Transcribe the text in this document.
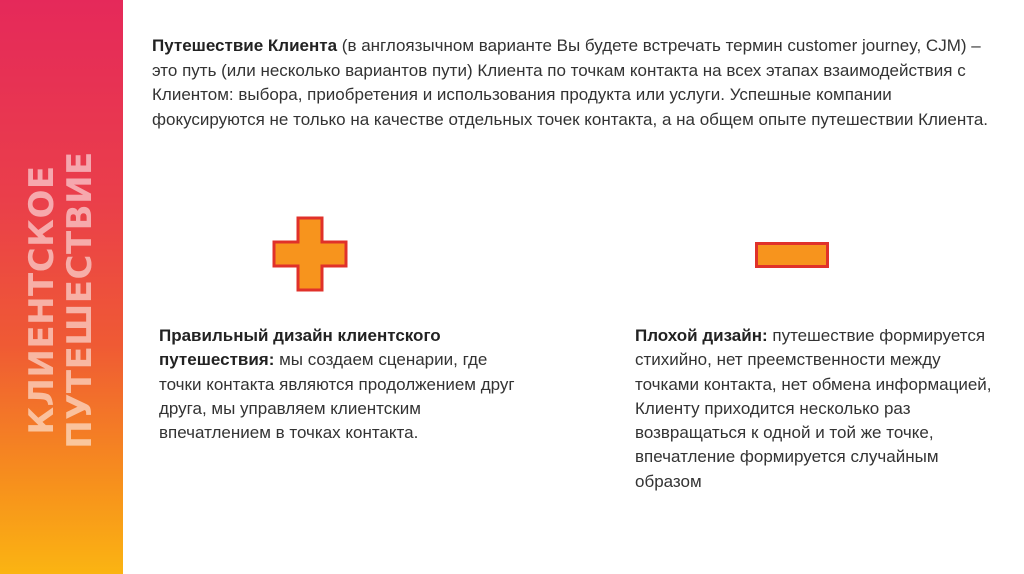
КЛИЕНТСКОЕ
ПУТЕШЕСТВИЕ

Путешествие Клиента (в англоязычном варианте Вы будете встречать термин customer journey, CJM) – это путь (или несколько вариантов пути) Клиента по точкам контакта на всех этапах взаимодействия с Клиентом: выбора, приобретения и использования продукта или услуги. Успешные компании фокусируются не только на качестве отдельных точек контакта, а на общем опыте путешествии Клиента.

Правильный дизайн клиентского путешествия: мы создаем сценарии, где точки контакта являются продолжением друг друга, мы управляем клиентским впечатлением в точках контакта.

Плохой дизайн: путешествие формируется стихийно, нет преемственности между точками контакта, нет обмена информацией, Клиенту приходится несколько раз возвращаться к одной и той же точке, впечатление формируется случайным образом
